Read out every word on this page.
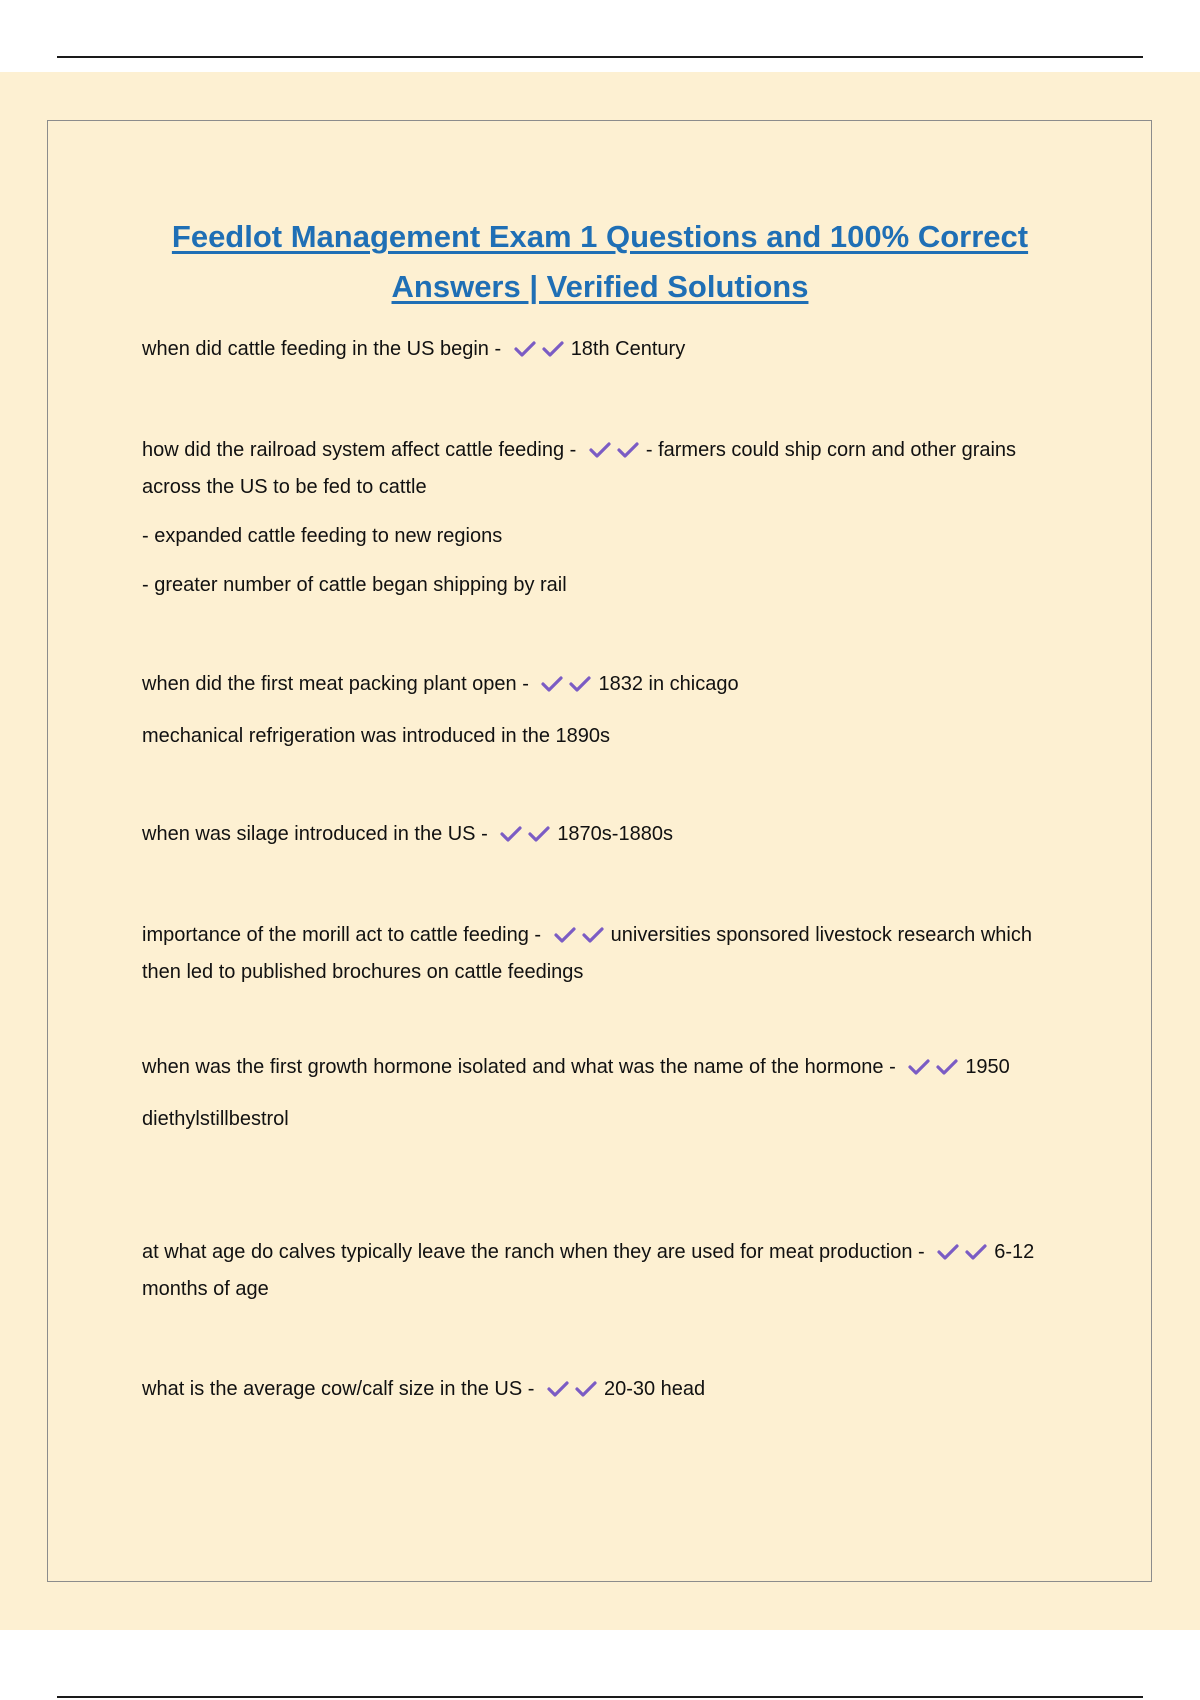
Feedlot Management Exam 1 Questions and 100% Correct
Answers | Verified Solutions

when did cattle feeding in the US begin -	18th Century

how did the railroad system affect cattle feeding -	- farmers could ship corn and other grains across the US to be fed to cattle

- expanded cattle feeding to new regions

- greater number of cattle began shipping by rail

when did the first meat packing plant open -	1832 in chicago

mechanical refrigeration was introduced in the 1890s

when was silage introduced in the US -	1870s-1880s

importance of the morill act to cattle feeding -	universities sponsored livestock research which then led to published brochures on cattle feedings

when was the first growth hormone isolated and what was the name of the hormone -	1950

diethylstillbestrol

at what age do calves typically leave the ranch when they are used for meat production -	6-12 months of age

what is the average cow/calf size in the US -	20-30 head
